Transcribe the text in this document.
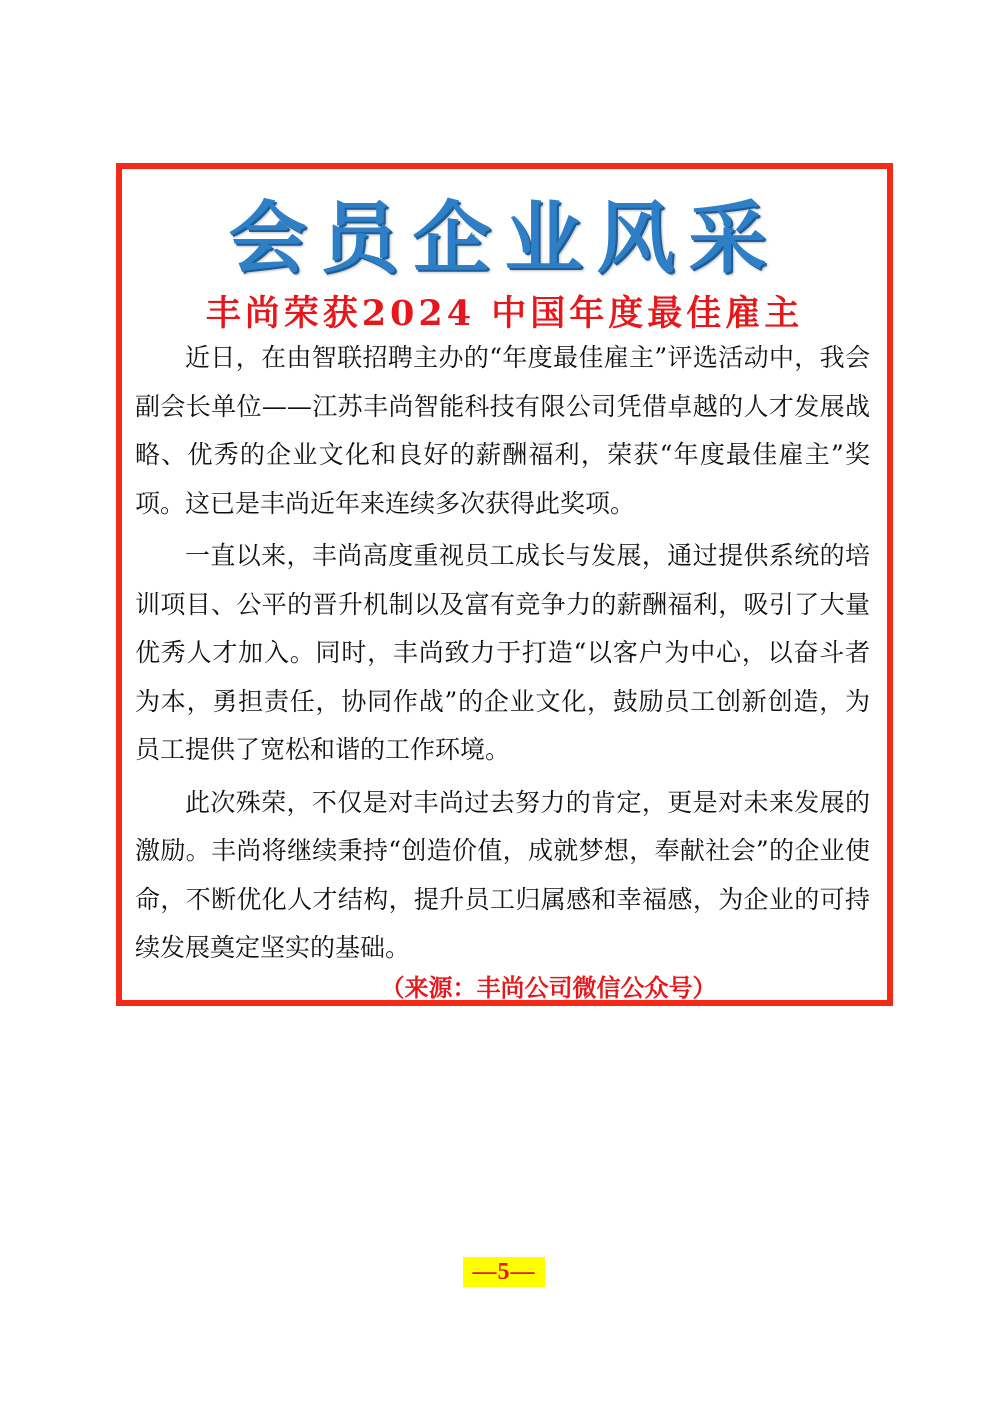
会员企业风采
丰尚荣获2024 中国年度最佳雇主

近日，在由智联招聘主办的“年度最佳雇主”评选活动中，我会副会长单位——江苏丰尚智能科技有限公司凭借卓越的人才发展战略、优秀的企业文化和良好的薪酬福利，荣获“年度最佳雇主”奖项。这已是丰尚近年来连续多次获得此奖项。

一直以来，丰尚高度重视员工成长与发展，通过提供系统的培训项目、公平的晋升机制以及富有竞争力的薪酬福利，吸引了大量优秀人才加入。同时，丰尚致力于打造“以客户为中心，以奋斗者为本，勇担责任，协同作战”的企业文化，鼓励员工创新创造，为员工提供了宽松和谐的工作环境。

此次殊荣，不仅是对丰尚过去努力的肯定，更是对未来发展的激励。丰尚将继续秉持“创造价值，成就梦想，奉献社会”的企业使命，不断优化人才结构，提升员工归属感和幸福感，为企业的可持续发展奠定坚实的基础。

（来源：丰尚公司微信公众号）
—5—
